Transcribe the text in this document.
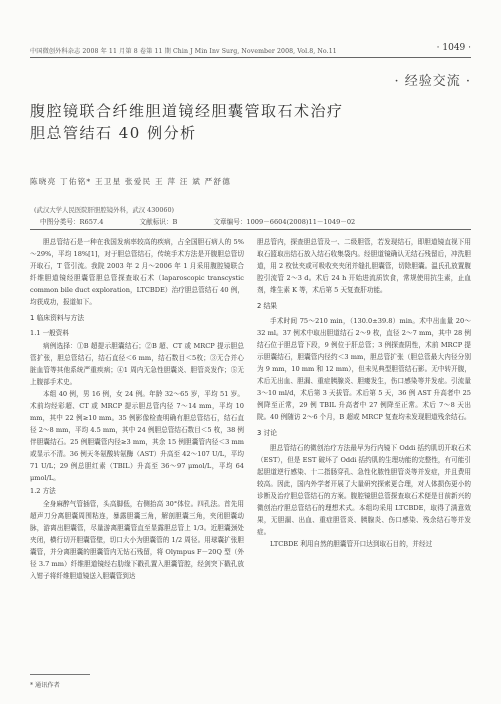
中国微创外科杂志 2008 年 11 月第 8 卷第 11 期 Chin J Min Inv Surg, November 2008, Vol.8, No.11	· 1049 ·
· 经验交流 ·
腹腔镜联合纤维胆道镜经胆囊管取石术治疗
胆总管结石 40 例分析
陈晓亮 丁佑铭* 王卫星 张爱民 王 萍 汪 斌 严舒德
(武汉大学人民医院肝胆腔镜外科，武汉 430060)
中图分类号：R657.4	文献标识：B	文章编号：1009－6604(2008)11－1049－02

胆总管结石是一种在我国发病率较高的疾病，占全国胆石病人的 5%～29%，平均 18%[1]，对于胆总管结石，传统手术方法是开腹胆总管切开取石，T 管引流。我院 2003 年 2 月～2006 年 1 月采用腹腔镜联合纤维胆道镜经胆囊管胆总管探查取石术（laparoscopic transcystic common bile duct exploration，LTCBDE）治疗胆总管结石 40 例，均获成功，报道如下。

1 临床资料与方法

1.1 一般资料

病例选择：①B 超提示胆囊结石；②B 超、CT 或 MRCP 提示胆总管扩张，胆总管结石，结石直径＜6 mm，结石数目＜5枚；③无合并心脏血管等其他系统严重疾病；④1 周内无急性胆囊炎、胆管炎发作；⑤无上腹部手术史。

本组 40 例，男 16 例，女 24 例。年龄 32～65 岁，平均 51 岁。术前均经彩超、CT 或 MRCP 提示胆总管内径 7～14 mm，平均 10 mm，其中 22 例≥10 mm。35 例影像检查明确有胆总管结石，结石直径 2～8 mm，平均 4.5 mm，其中 24 例胆总管结石数目＜5 枚，38 例伴胆囊结石。25 例胆囊管内径≥3 mm，其余 15 例胆囊管内径＜3 mm 或显示不清。36 例天冬氨酸转氨酶（AST）升高至 42～107 U/L，平均 71 U/L；29 例总胆红素（TBIL）升高至 36～97 μmol/L，平均 64 μmol/L。

1.2 方法

全身麻醉气管插管，头高脚低，右侧抬高 30°体位。四孔法。首先用超声刀分离胆囊周围粘连，暴露胆囊三角，解剖胆囊三角，夹闭胆囊动脉，游离出胆囊管，尽量游离胆囊管直至显露胆总管上 1/3。近胆囊颈处夹闭，横行切开胆囊管壁，切口大小为胆囊管的 1/2 周径。用球囊扩张胆囊管，并分离胆囊的胆囊管内无钻石残留，将 Olympus F－20Q 型（外径 3.7 mm）纤维胆道镜经右肋缘下戳孔置入胆囊管腔，经剑突下戳孔放入钳子将纤维胆道镜送入胆囊管到达

胆总管内，探查胆总管及一、二级胆管，若发现结石，即胆道镜直视下用取石篮取出结石放入结石收集袋内。经胆道镜确认无结石残留后，冲洗胆道，用 2 枚钛夹或可吸收夹夹闭并缝扎胆囊管，切除胆囊。温氏孔放置腹腔引流管 2～3 d。术后 24 h 开始进流质饮食，常规使用抗生素，止血剂，维生素 K 等，术后第 5 天复查肝功能。

2 结果

手术时间 75～210 min，（130.0±39.8）min。术中出血量 20～32 ml。37 例术中取出胆道结石 2～9 枚，直径 2～7 mm，其中 28 例结石位于胆总管下段，9 例位于肝总管；3 例探查阴性，术前 MRCP 提示胆囊结石，胆囊管内径约＜3 mm，胆总管扩张（胆总管最大内径分别为 9 mm，10 mm 和 12 mm），但未见典型胆管结石影。无中转开腹，术后无出血、胆漏、重症胰腺炎、胆瘘发生，伤口感染等并发症。引流量 3～10 ml/d，术后第 3 天拔管。术后第 5 天，36 例 AST 升高者中 25 例降至正常，29 例 TBIL 升高者中 27 例降至正常。术后 7～8 天出院。40 例随访 2～6 个月，B 超或 MRCP 复查均未发现胆道残余结石。

3 讨论

胆总管结石的微创治疗方法最早为行内镜下 Oddi 括约肌切开取石术（EST），但是 EST 破坏了 Oddi 括约肌的生理功能的完整性，有可能引起胆道逆行感染、十二指肠穿孔、急性化脓性胆管炎等并发症，并且费用较高。因此，国内外学者开展了大量研究探索更合理，对人体损伤更小的诊断及治疗胆总管结石的方案。腹腔镜胆总管探查取石术便是目前新兴的微创治疗胆总管结石的理想术式。本组均采用 LTCBDE，取得了满意效果，无胆漏、出血、重症胆管炎、胰腺炎、伤口感染、残余结石等并发症。

LTCBDE 利用自然的胆囊管开口达到取石目的，并经过

* 通讯作者
